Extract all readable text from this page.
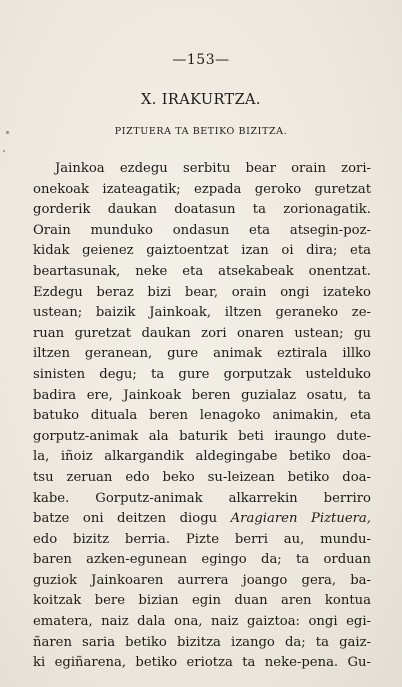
—153—
X. IRAKURTZA.
PIZTUERA TA BETIKO BIZITZA.
Jainkoa ezdegu serbitu bear orain zori-
onekoak izateagatik; ezpada geroko guretzat
gorderik daukan doatasun ta zorionagatik.
Orain munduko ondasun eta atsegin-poz-
kidak geienez gaiztoentzat izan oi dira; eta
beartasunak, neke eta atsekabeak onentzat.
Ezdegu beraz bizi bear, orain ongi izateko
ustean; baizik Jainkoak, iltzen geraneko ze-
ruan guretzat daukan zori onaren ustean; gu
iltzen geranean, gure animak eztirala illko
sinisten degu; ta gure gorputzak ustelduko
badira ere, Jainkoak beren guzialaz osatu, ta
batuko dituala beren lenagoko animakin, eta
gorputz-animak ala baturik beti iraungo dute-
la, iñoiz alkargandik aldegingabe betiko doa-
tsu zeruan edo beko su-leizean betiko doa-
kabe. Gorputz-animak alkarrekin berriro
batze oni deitzen diogu Aragiaren Piztuera,
edo bizitz berria. Pizte berri au, mundu-
baren azken-egunean egingo da; ta orduan
guziok Jainkoaren aurrera joango gera, ba-
koitzak bere bizian egin duan aren kontua
ematera, naiz dala ona, naiz gaiztoa: ongi egi-
ñaren saria betiko bizitza izango da; ta gaiz-
ki egiñarena, betiko eriotza ta neke-pena. Gu-
